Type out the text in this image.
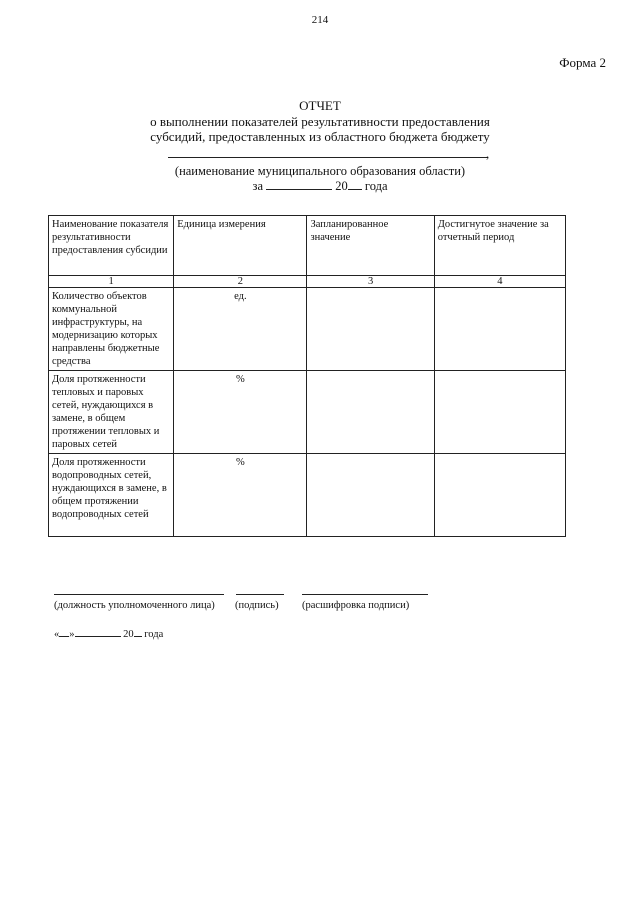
214
Форма 2
ОТЧЕТ
о выполнении показателей результативности предоставления
субсидий, предоставленных из областного бюджета бюджету
,
(наименование муниципального образования области)
за	20 года
Наименование показателя результативности предоставления субсидии	Единица измерения	Запланированное значение	Достигнутое значение за отчетный период
1	2	3	4
Количество объектов коммунальной инфраструктуры, на модернизацию которых направлены бюджетные средства	ед.		
Доля протяженности тепловых и паровых сетей, нуждающихся в замене, в общем протяжении тепловых и паровых сетей	%		
Доля протяженности водопроводных сетей, нуждающихся в замене, в общем протяжении водопроводных сетей	%		
(должность уполномоченного лица) (подпись) (расшифровка подписи)
« »	20 года
